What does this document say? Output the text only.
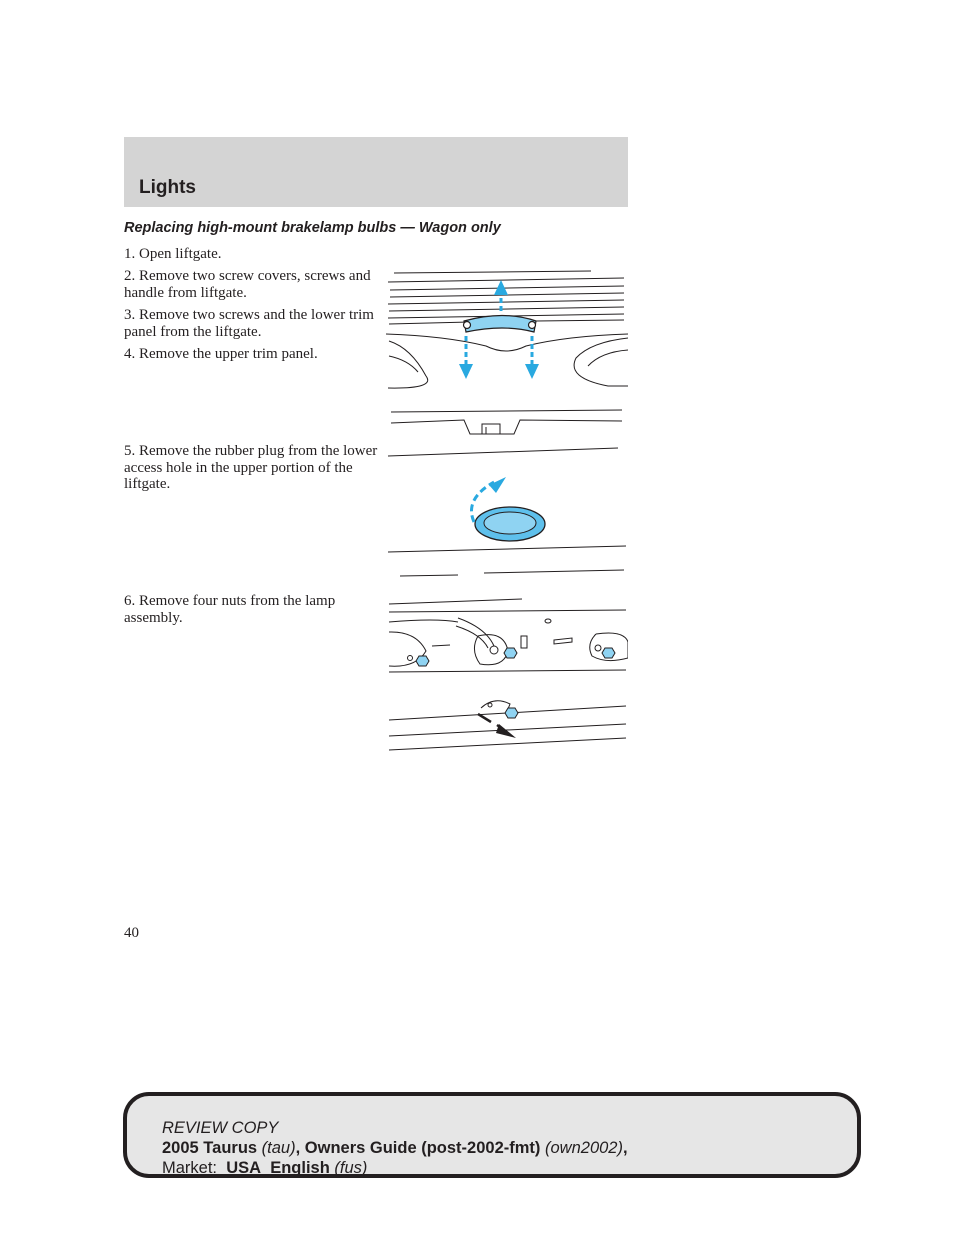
Lights
Replacing high-mount brakelamp bulbs — Wagon only
1. Open liftgate.
2. Remove two screw covers, screws and handle from liftgate.
3. Remove two screws and the lower trim panel from the liftgate.
4. Remove the upper trim panel.
5. Remove the rubber plug from the lower access hole in the upper portion of the liftgate.
6. Remove four nuts from the lamp assembly.
40
REVIEW COPY
2005 Taurus (tau), Owners Guide (post-2002-fmt) (own2002),
Market: USA_English (fus)
